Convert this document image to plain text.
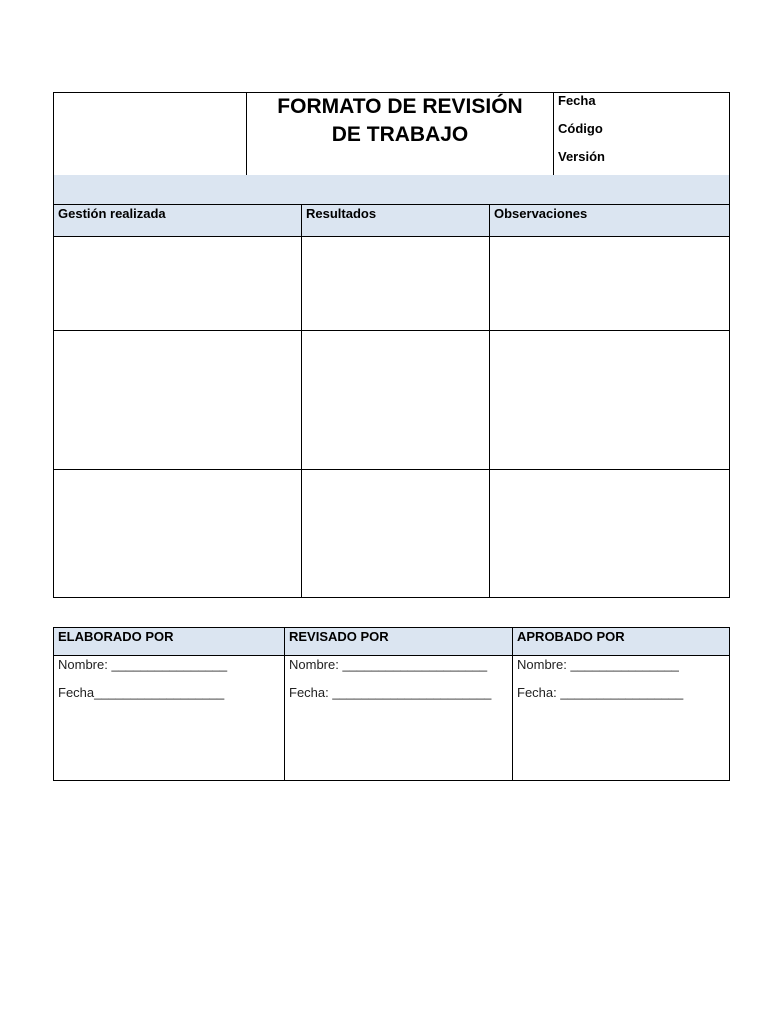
FORMATO DE REVISIÓN
DE TRABAJO
Fecha
Código
Versión
Gestión realizada	Resultados	Observaciones
ELABORADO POR	REVISADO POR	APROBADO POR
Nombre: ________________
Fecha__________________
Nombre: ____________________
Fecha: ______________________
Nombre: _______________
Fecha: _________________
